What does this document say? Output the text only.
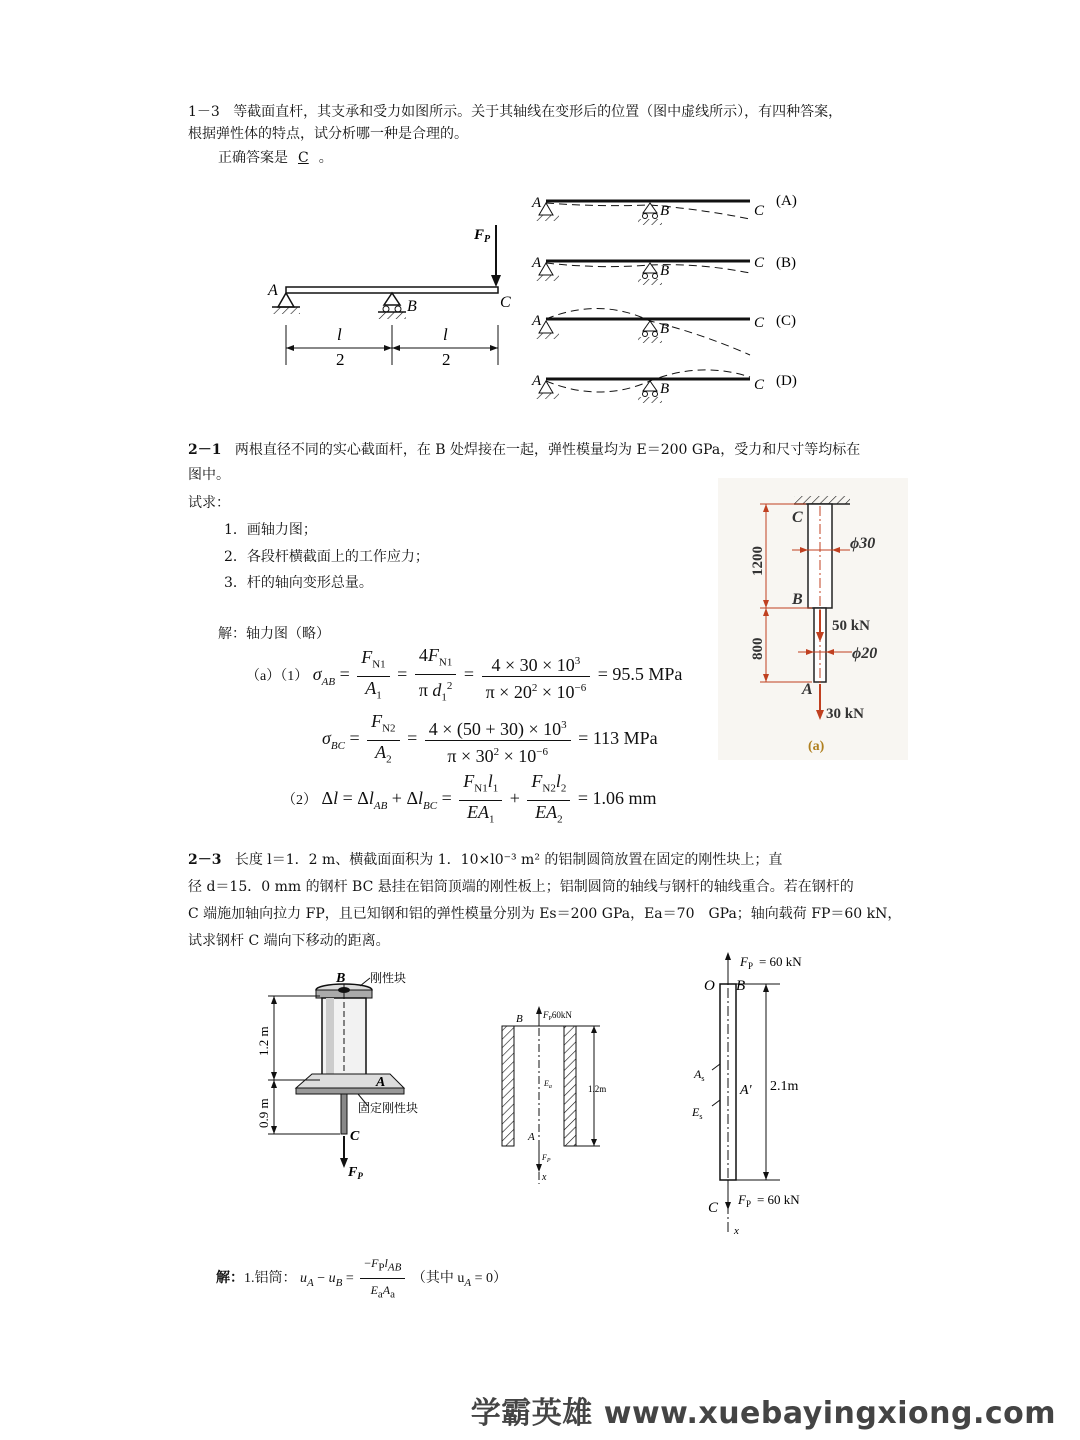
1－3 等截面直杆，其支承和受力如图所示。关于其轴线在变形后的位置（图中虚线所示），有四种答案，
根据弹性体的特点，试分析哪一种是合理的。
正确答案是 C 。
$F_P$
A
B	C
l
2
l
2
A	B	C
(A)
A	B	C (B)
A	B	C (C)
A	B	C (D)
2－1 两根直径不同的实心截面杆，在 B 处焊接在一起，弹性模量均为 E＝200 GPa，受力和尺寸等均标在
图中。
试求：
1．画轴力图；
2．各段杆横截面上的工作应力；
3．杆的轴向变形总量。
解：轴力图（略）
（a）（1） $\sigma_{AB} = \frac{F_{N1}}{A_1} = \frac{4F_{N1}}{\pi d_1^2} = \frac{4 \times 30 \times 10^3}{\pi \times 20^2 \times 10^{-6}} = 95.5$ MPa
$\sigma_{BC} = \frac{F_{N2}}{A_2} = \frac{4 \times (50 + 30) \times 10^3}{\pi \times 30^2 \times 10^{-6}} = 113$ MPa
（2） $\Delta l = \Delta l_{AB} + \Delta l_{BC} = \frac{F_{N1}l_1}{EA_1} + \frac{F_{N2}l_2}{EA_2} = 1.06$ mm
1200
800
ϕ30
ϕ20
50 kN
30 kN
C
B
A
(a)
2－3 长度 l＝1．2 m、横截面面积为 1．10×l0⁻³ m² 的铝制圆筒放置在固定的刚性块上；直
径 d＝15．0 mm 的钢杆 BC 悬挂在铝筒顶端的刚性板上；铝制圆筒的轴线与钢杆的轴线重合。若在钢杆的
C 端施加轴向拉力 FP，且已知钢和铝的弹性模量分别为 Es＝200 GPa，Ea＝70　GPa；轴向载荷 FP＝60 kN，
试求钢杆 C 端向下移动的距离。
1.2 m
0.9 m
B 刚性块
A
固定刚性块
C
$F_P$
B $F_P60kN$
$E_a$	1.2m
A
$F_P$
x
$F_P = 60$ kN
O B
$A_s$
$E_s$
A' 2.1m
C
$F_P = 60$ kN
x
解：1.铝筒： $u_A - u_B = \frac{-F_Pl_{AB}}{E_aA_a}$ （其中 $u_A = 0$）
学霸英雄 www.xuebayingxiong.com
